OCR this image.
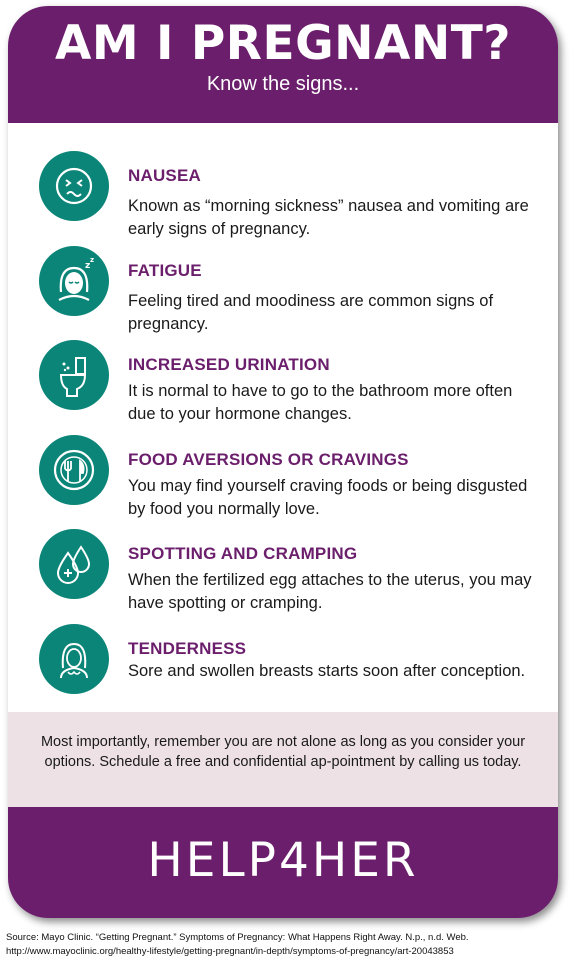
AM I PREGNANT?
Know the signs...
NAUSEA
Known as “morning sickness” nausea and vomiting are early signs of pregnancy.
z
z
FATIGUE
Feeling tired and moodiness are common signs of pregnancy.
INCREASED URINATION
It is normal to have to go to the bathroom more often due to your hormone changes.
FOOD AVERSIONS OR CRAVINGS
You may find yourself craving foods or being disgusted by food you normally love.
SPOTTING AND CRAMPING
When the fertilized egg attaches to the uterus, you may have spotting or cramping.
TENDERNESS
Sore and swollen breasts starts soon after conception.
Most importantly, remember you are not alone as long as you consider your options. Schedule a free and confidential ap-pointment by calling us today.
HELP4HER
Source: Mayo Clinic. “Getting Pregnant.” Symptoms of Pregnancy: What Happens Right Away. N.p., n.d. Web.
http://www.mayoclinic.org/healthy-lifestyle/getting-pregnant/in-depth/symptoms-of-pregnancy/art-20043853
